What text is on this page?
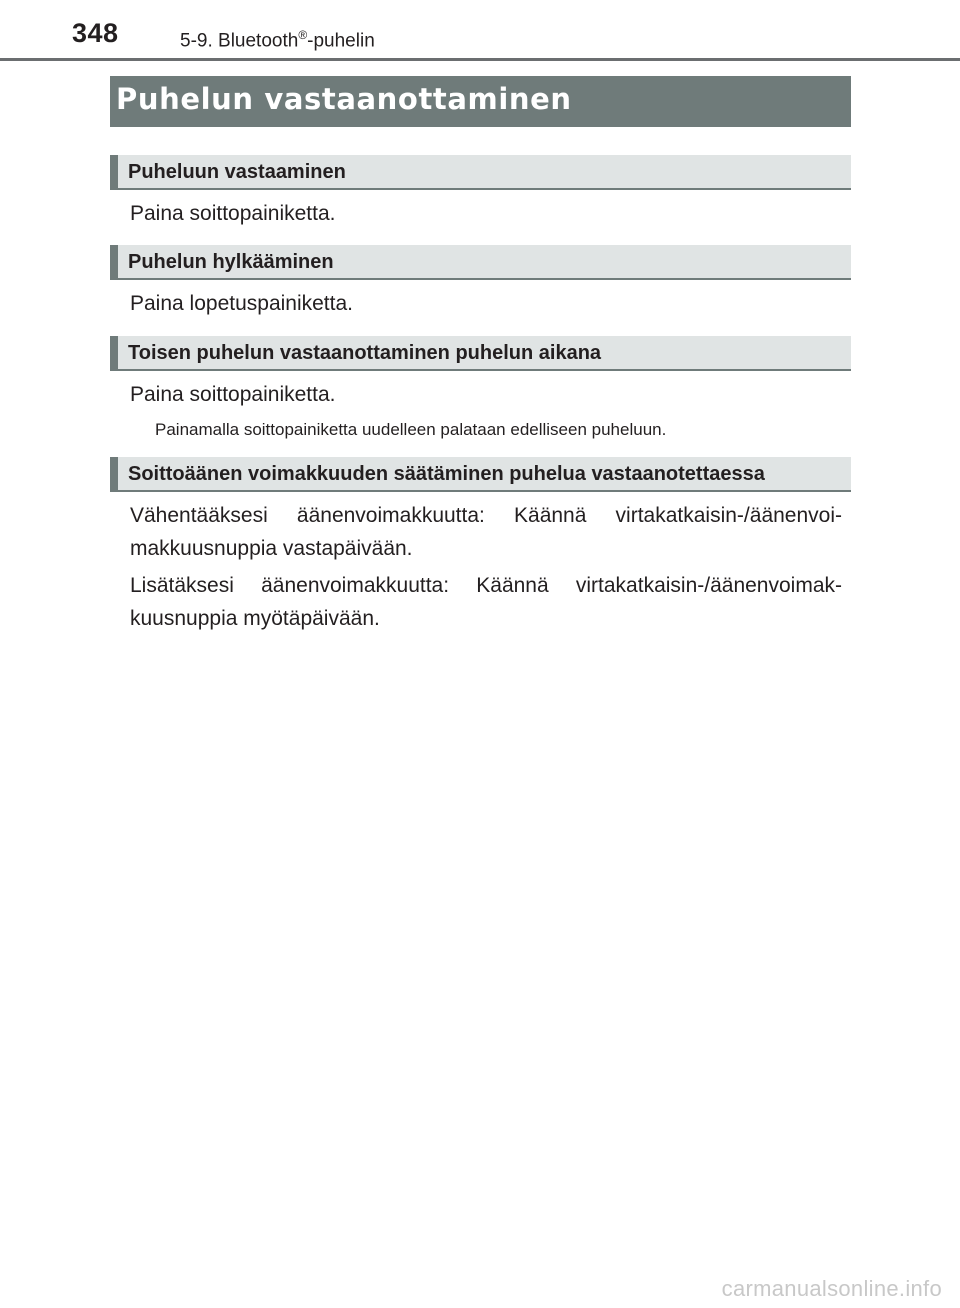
348	5-9. Bluetooth®-puhelin
Puhelun vastaanottaminen
Puheluun vastaaminen

Paina soittopainiketta.

Puhelun hylkääminen

Paina lopetuspainiketta.

Toisen puhelun vastaanottaminen puhelun aikana

Paina soittopainiketta.

Painamalla soittopainiketta uudelleen palataan edelliseen puheluun.

Soittoäänen voimakkuuden säätäminen puhelua vastaanotettaessa

Vähentääksesi äänenvoimakkuutta: Käännä virtakatkaisin-/äänenvoi-makkuusnuppia vastapäivään.

Lisätäksesi äänenvoimakkuutta: Käännä virtakatkaisin-/äänenvoimak-kuusnuppia myötäpäivään.

carmanualsonline.info
